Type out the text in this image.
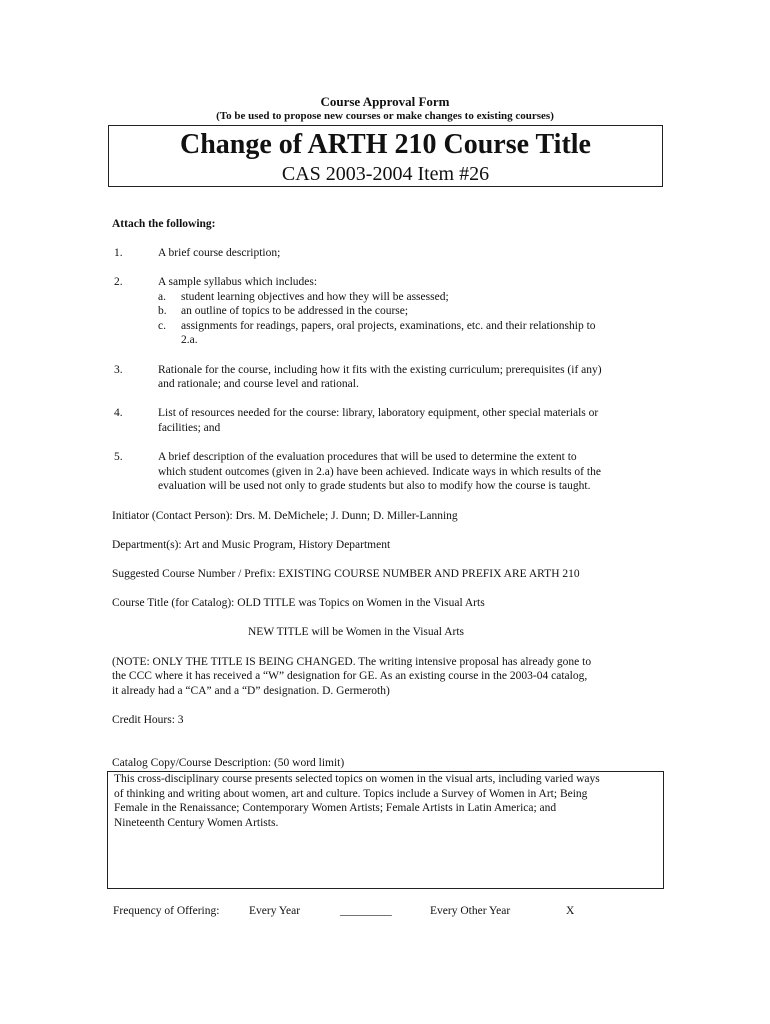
Course Approval Form
(To be used to propose new courses or make changes to existing courses)
Change of ARTH 210 Course Title
CAS 2003-2004 Item #26
Attach the following:
1.	A brief course description;
2.	A sample syllabus which includes:
a. student learning objectives and how they will be assessed;
b. an outline of topics to be addressed in the course;
c. assignments for readings, papers, oral projects, examinations, etc. and their relationship to
2.a.
3.	Rationale for the course, including how it fits with the existing curriculum; prerequisites (if any)
and rationale; and course level and rational.
4.	List of resources needed for the course: library, laboratory equipment, other special materials or
facilities; and
5.	A brief description of the evaluation procedures that will be used to determine the extent to
which student outcomes (given in 2.a) have been achieved. Indicate ways in which results of the
evaluation will be used not only to grade students but also to modify how the course is taught.
Initiator (Contact Person): Drs. M. DeMichele; J. Dunn; D. Miller-Lanning
Department(s): Art and Music Program, History Department
Suggested Course Number / Prefix: EXISTING COURSE NUMBER AND PREFIX ARE ARTH 210
Course Title (for Catalog): OLD TITLE was Topics on Women in the Visual Arts
NEW TITLE will be Women in the Visual Arts
(NOTE: ONLY THE TITLE IS BEING CHANGED. The writing intensive proposal has already gone to
the CCC where it has received a “W” designation for GE. As an existing course in the 2003-04 catalog,
it already had a “CA” and a “D” designation. D. Germeroth)
Credit Hours: 3
Catalog Copy/Course Description: (50 word limit)
This cross-disciplinary course presents selected topics on women in the visual arts, including varied ways
of thinking and writing about women, art and culture. Topics include a Survey of Women in Art; Being
Female in the Renaissance; Contemporary Women Artists; Female Artists in Latin America; and
Nineteenth Century Women Artists.
Frequency of Offering:	Every Year	_________	Every Other Year	X
